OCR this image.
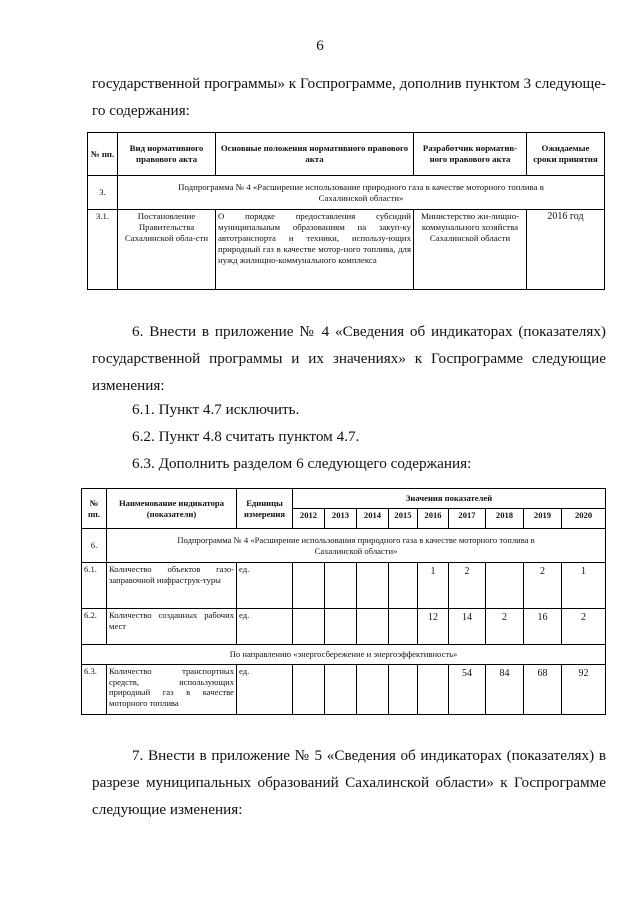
6
государственной программы» к Госпрограмме, дополнив пунктом 3 следующе-го содержания:
№ пп.	Вид нормативного правового акта	Основные положения нормативного правового акта	Разработчик норматив-ного правового акта	Ожидаемые сроки принятия
3.	Подпрограмма № 4 «Расширение использование природного газа в качестве моторного топлива в Сахалинской области»			
3.1.	Постановление Правительства Сахалинской обла-сти	О порядке предоставления субсидий муниципальным образованиям на закуп-ку автотранспорта и техники, использу-ющих природный газ в качестве мотор-ного топлива, для нужд жилищно-коммунального комплекса	Министерство жи-лищно-коммунального хозяйства Сахалинской области	2016 год
6. Внести в приложение № 4 «Сведения об индикаторах (показателях) государственной программы и их значениях» к Госпрограмме следующие изменения:
6.1. Пункт 4.7 исключить.
6.2. Пункт 4.8 считать пунктом 4.7.
6.3. Дополнить разделом 6 следующего содержания:
№ пп.	Наименование индикатора (показатели)	Единицы измерения	Значения показателей								
			2012	2013	2014	2015	2016	2017	2018	2019	2020
6.	Подпрограмма № 4 «Расширение использования природного газа в качестве моторного топлива в Сахалинской области»										
6.1.	Количество объектов газо-заправочной инфраструк-туры	ед.					1	2		2	1
6.2.	Количество созданных рабочих мест	ед.					12	14	2	16	2
По направлению «энергосбережение и энергоэффективность»											
6.3.	Количество транспортных средств, использующих природный газ в качестве моторного топлива	ед.						54	84	68	92
7. Внести в приложение № 5 «Сведения об индикаторах (показателях) в разрезе муниципальных образований Сахалинской области» к Госпрограмме следующие изменения:
